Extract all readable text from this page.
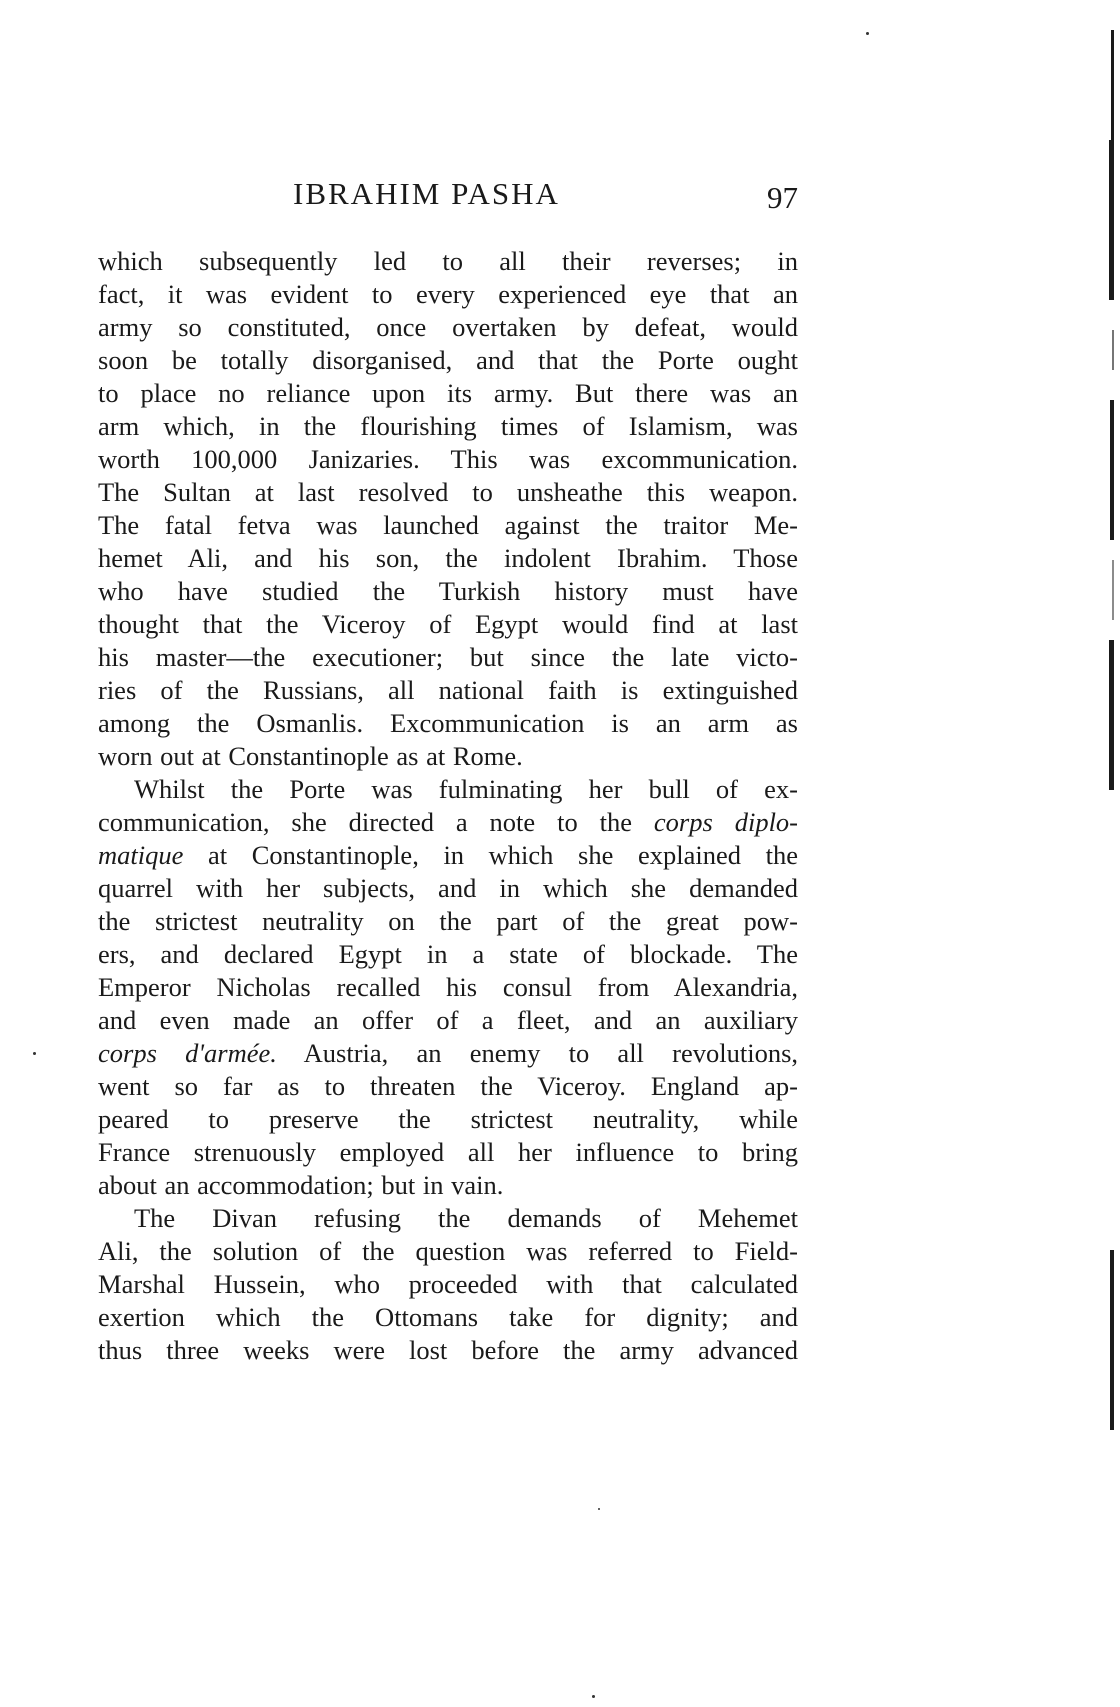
IBRAHIM PASHA	97
which subsequently led to all their reverses; in
fact, it was evident to every experienced eye that an
army so constituted, once overtaken by defeat, would
soon be totally disorganised, and that the Porte ought
to place no reliance upon its army. But there was an
arm which, in the flourishing times of Islamism, was
worth 100,000 Janizaries. This was excommunication.
The Sultan at last resolved to unsheathe this weapon.
The fatal fetva was launched against the traitor Me-
hemet Ali, and his son, the indolent Ibrahim. Those
who have studied the Turkish history must have
thought that the Viceroy of Egypt would find at last
his master—the executioner; but since the late victo-
ries of the Russians, all national faith is extinguished
among the Osmanlis. Excommunication is an arm as
worn out at Constantinople as at Rome.
Whilst the Porte was fulminating her bull of ex-
communication, she directed a note to the corps diplo-
matique at Constantinople, in which she explained the
quarrel with her subjects, and in which she demanded
the strictest neutrality on the part of the great pow-
ers, and declared Egypt in a state of blockade. The
Emperor Nicholas recalled his consul from Alexandria,
and even made an offer of a fleet, and an auxiliary
corps d'armée. Austria, an enemy to all revolutions,
went so far as to threaten the Viceroy. England ap-
peared to preserve the strictest neutrality, while
France strenuously employed all her influence to bring
about an accommodation; but in vain.
The Divan refusing the demands of Mehemet
Ali, the solution of the question was referred to Field-
Marshal Hussein, who proceeded with that calculated
exertion which the Ottomans take for dignity; and
thus three weeks were lost before the army advanced
